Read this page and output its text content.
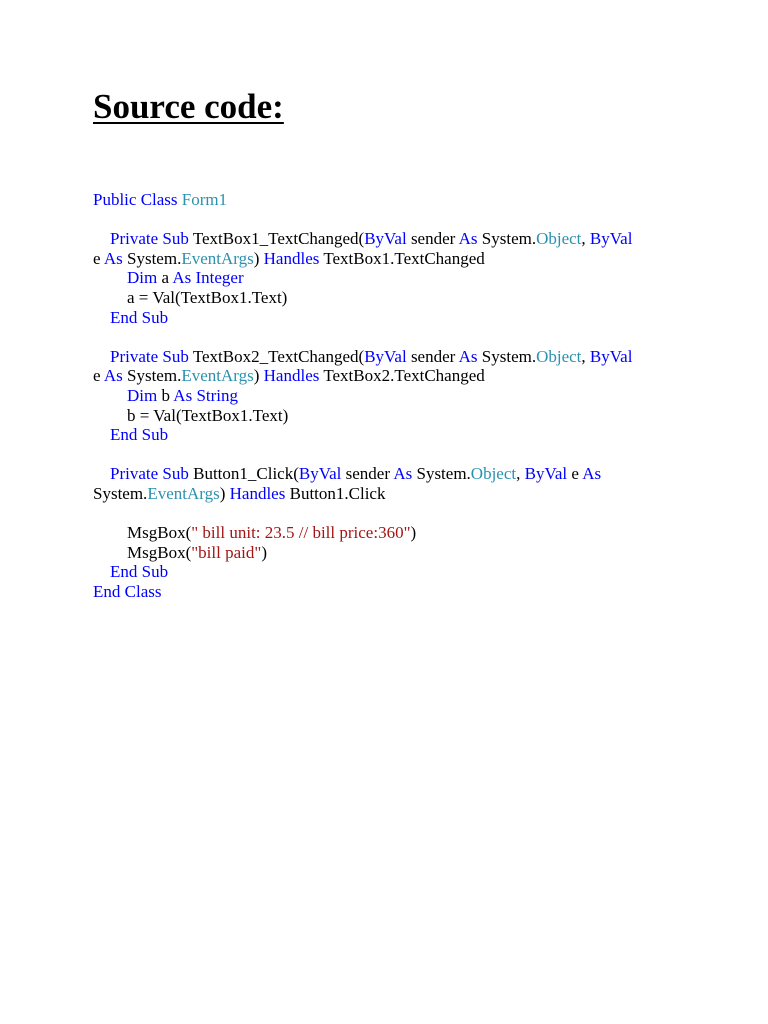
Source code:
Public Class Form1
Private Sub TextBox1_TextChanged(ByVal sender As System.Object, ByVal
e As System.EventArgs) Handles TextBox1.TextChanged
Dim a As Integer
a = Val(TextBox1.Text)
End Sub
Private Sub TextBox2_TextChanged(ByVal sender As System.Object, ByVal
e As System.EventArgs) Handles TextBox2.TextChanged
Dim b As String
b = Val(TextBox1.Text)
End Sub
Private Sub Button1_Click(ByVal sender As System.Object, ByVal e As
System.EventArgs) Handles Button1.Click
MsgBox(" bill unit: 23.5 // bill price:360")
MsgBox("bill paid")
End Sub
End Class
